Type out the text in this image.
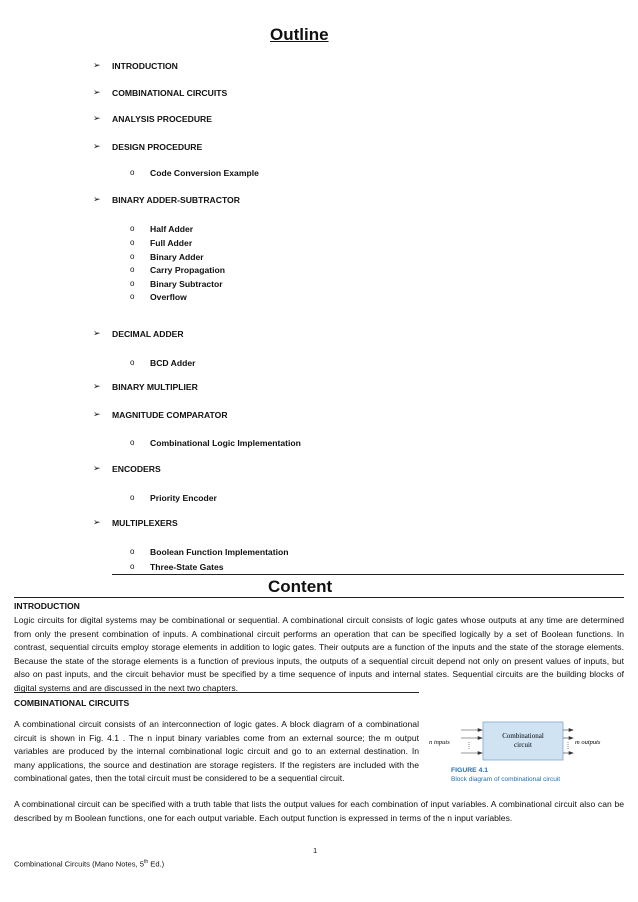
Outline
➢ INTRODUCTION
➢ COMBINATIONAL CIRCUITS
➢ ANALYSIS PROCEDURE
➢ DESIGN PROCEDURE
o Code Conversion Example
➢ BINARY ADDER-SUBTRACTOR
o Half Adder
o Full Adder
o Binary Adder
o Carry Propagation
o Binary Subtractor
o Overflow
➢ DECIMAL ADDER
o BCD Adder
➢ BINARY MULTIPLIER
➢ MAGNITUDE COMPARATOR
o Combinational Logic Implementation
➢ ENCODERS
o Priority Encoder
➢ MULTIPLEXERS
o Boolean Function Implementation
o Three-State Gates
Content
INTRODUCTION
Logic circuits for digital systems may be combinational or sequential. A combinational circuit consists of logic gates whose outputs at any time are determined from only the present combination of inputs. A combinational circuit performs an operation that can be specified logically by a set of Boolean functions. In contrast, sequential circuits employ storage elements in addition to logic gates. Their outputs are a function of the inputs and the state of the storage elements. Because the state of the storage elements is a function of previous inputs, the outputs of a sequential circuit depend not only on present values of inputs, but also on past inputs, and the circuit behavior must be specified by a time sequence of inputs and internal states. Sequential circuits are the building blocks of digital systems and are discussed in the next two chapters.
COMBINATIONAL CIRCUITS
A combinational circuit consists of an interconnection of logic gates. A block diagram of a combinational circuit is shown in Fig. 4.1 . The n input binary variables come from an external source; the m output variables are produced by the internal combinational logic circuit and go to an external destination. In many applications, the source and destination are storage registers. If the registers are included with the combinational gates, then the total circuit must be considered to be a sequential circuit.
Combinational
circuit
n inputs	m outputs
FIGURE 4.1
Block diagram of combinational circuit
A combinational circuit can be specified with a truth table that lists the output values for each combination of input variables. A combinational circuit also can be described by m Boolean functions, one for each output variable. Each output function is expressed in terms of the n input variables.
1
Combinational Circuits (Mano Notes, 5th Ed.)
